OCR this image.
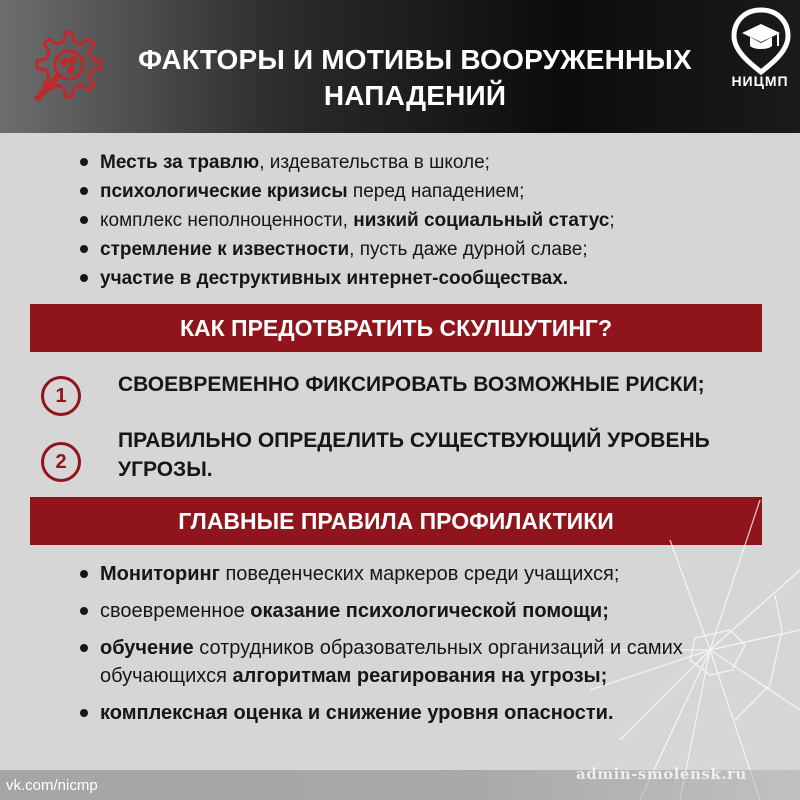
ФАКТОРЫ И МОТИВЫ ВООРУЖЕННЫХ НАПАДЕНИЙ	НИЦМП
Месть за травлю, издевательства в школе;
психологические кризисы перед нападением;
комплекс неполноценности, низкий социальный статус;
стремление к известности, пусть даже дурной славе;
участие в деструктивных интернет-сообществах.
КАК ПРЕДОТВРАТИТЬ СКУЛШУТИНГ?
1	СВОЕВРЕМЕННО ФИКСИРОВАТЬ ВОЗМОЖНЫЕ РИСКИ;
2
ПРАВИЛЬНО ОПРЕДЕЛИТЬ СУЩЕСТВУЮЩИЙ УРОВЕНЬ УГРОЗЫ.
ГЛАВНЫЕ ПРАВИЛА ПРОФИЛАКТИКИ
Мониторинг поведенческих маркеров среди учащихся;
своевременное оказание психологической помощи;
обучение сотрудников образовательных организаций и самих обучающихся алгоритмам реагирования на угрозы;
комплексная оценка и снижение уровня опасности.
vk.com/nicmp
admin-smolensk.ru
